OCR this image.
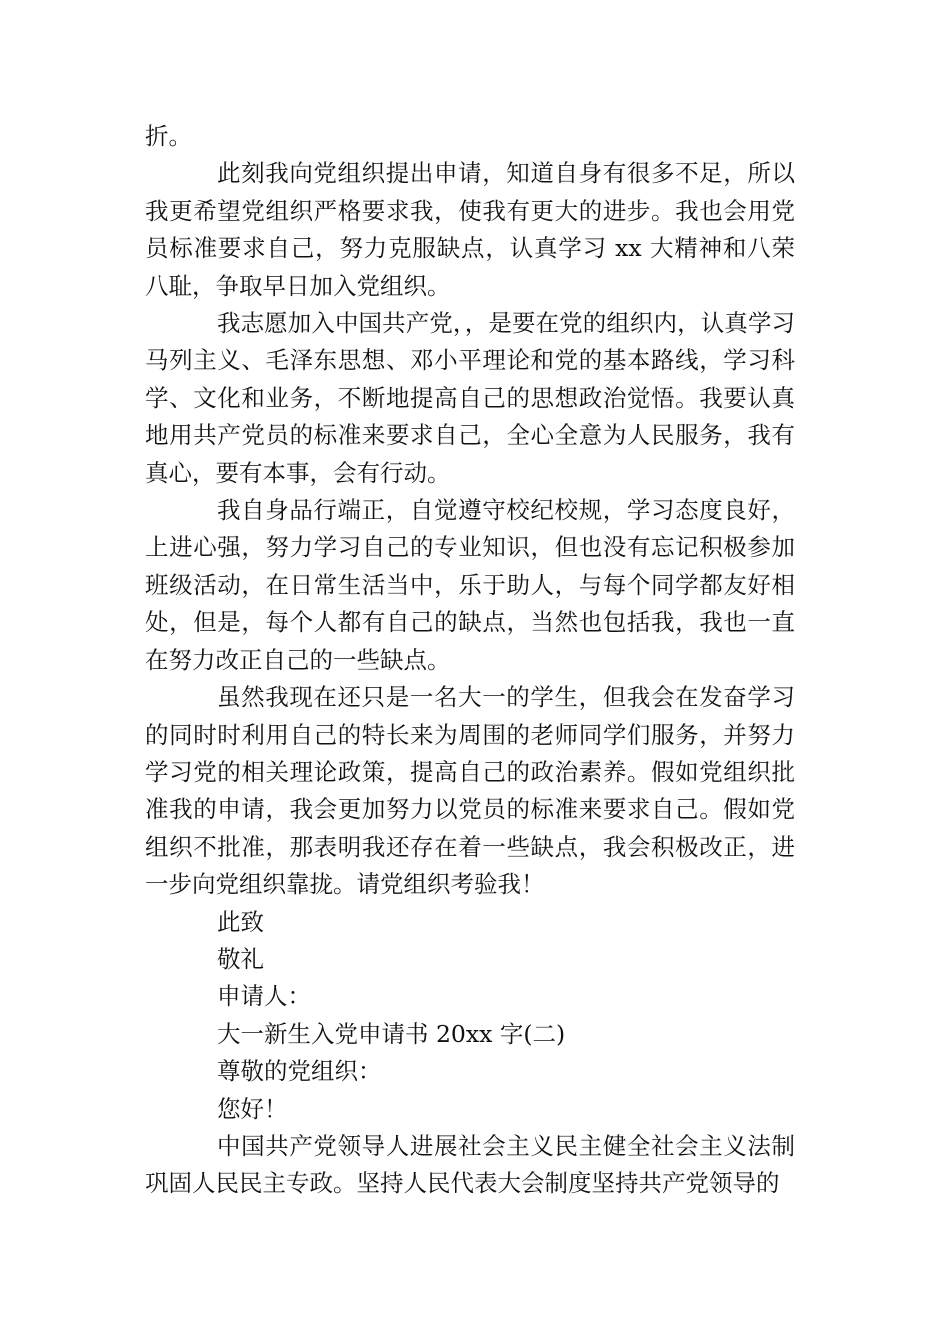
折。

此刻我向党组织提出申请，知道自身有很多不足，所以我更希望党组织严格要求我，使我有更大的进步。我也会用党员标准要求自己，努力克服缺点，认真学习 xx 大精神和八荣八耻，争取早日加入党组织。

我志愿加入中国共产党，，是要在党的组织内，认真学习马列主义、毛泽东思想、邓小平理论和党的基本路线，学习科学、文化和业务，不断地提高自己的思想政治觉悟。我要认真地用共产党员的标准来要求自己，全心全意为人民服务，我有真心，要有本事，会有行动。

我自身品行端正，自觉遵守校纪校规，学习态度良好，上进心强，努力学习自己的专业知识，但也没有忘记积极参加班级活动，在日常生活当中，乐于助人，与每个同学都友好相处，但是，每个人都有自己的缺点，当然也包括我，我也一直在努力改正自己的一些缺点。

虽然我现在还只是一名大一的学生，但我会在发奋学习的同时时利用自己的特长来为周围的老师同学们服务，并努力学习党的相关理论政策，提高自己的政治素养。假如党组织批准我的申请，我会更加努力以党员的标准来要求自己。假如党组织不批准，那表明我还存在着一些缺点，我会积极改正，进一步向党组织靠拢。请党组织考验我！

此致

敬礼

申请人：

大一新生入党申请书 20xx 字(二)

尊敬的党组织：

您好！

中国共产党领导人进展社会主义民主健全社会主义法制巩固人民民主专政。坚持人民代表大会制度坚持共产党领导的
